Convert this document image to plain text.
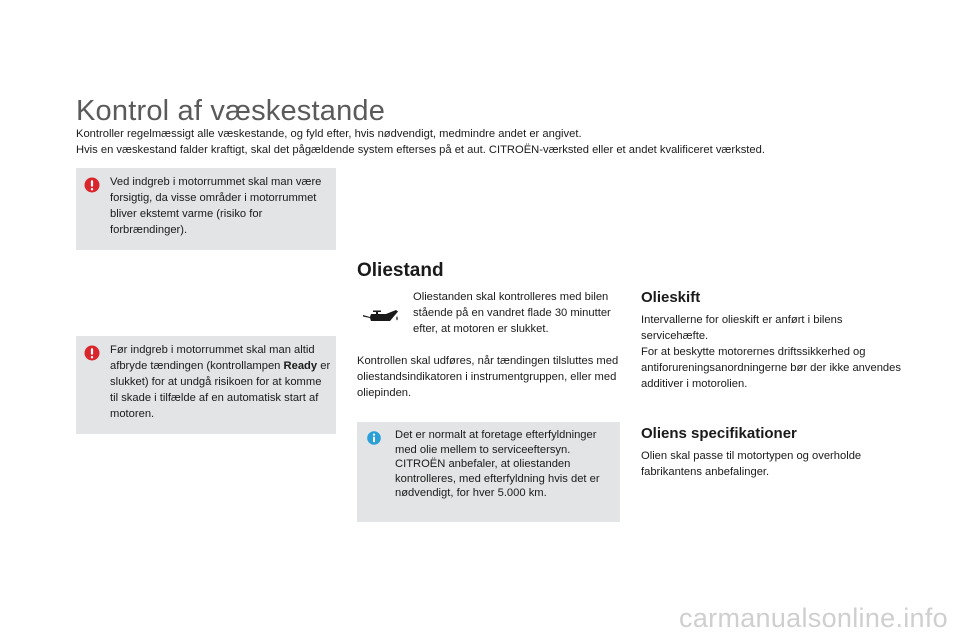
Kontrol af væskestande

Kontroller regelmæssigt alle væskestande, og fyld efter, hvis nødvendigt, medmindre andet er angivet.

Hvis en væskestand falder kraftigt, skal det pågældende system efterses på et aut. CITROËN-værksted eller et andet kvalificeret værksted.

Ved indgreb i motorrummet skal man være forsigtig, da visse områder i motorrummet bliver ekstemt varme (risiko for forbrændinger).
Før indgreb i motorrummet skal man altid afbryde tændingen (kontrollampen Ready er slukket) for at undgå risikoen for at komme til skade i tilfælde af en automatisk start af motoren.
Oliestand
Oliestanden skal kontrolleres med bilen stående på en vandret flade 30 minutter efter, at motoren er slukket.
Kontrollen skal udføres, når tændingen tilsluttes med oliestandsindikatoren i instrumentgruppen, eller med oliepinden.
Det er normalt at foretage efterfyldninger med olie mellem to serviceeftersyn. CITROËN anbefaler, at oliestanden kontrolleres, med efterfyldning hvis det er nødvendigt, for hver 5.000 km.
Olieskift

Intervallerne for olieskift er anført i bilens servicehæfte.

For at beskytte motorernes driftssikkerhed og antiforureningsanordningerne bør der ikke anvendes additiver i motorolien.

Oliens specifikationer
Olien skal passe til motortypen og overholde fabrikantens anbefalinger.
carmanualsonline.info
